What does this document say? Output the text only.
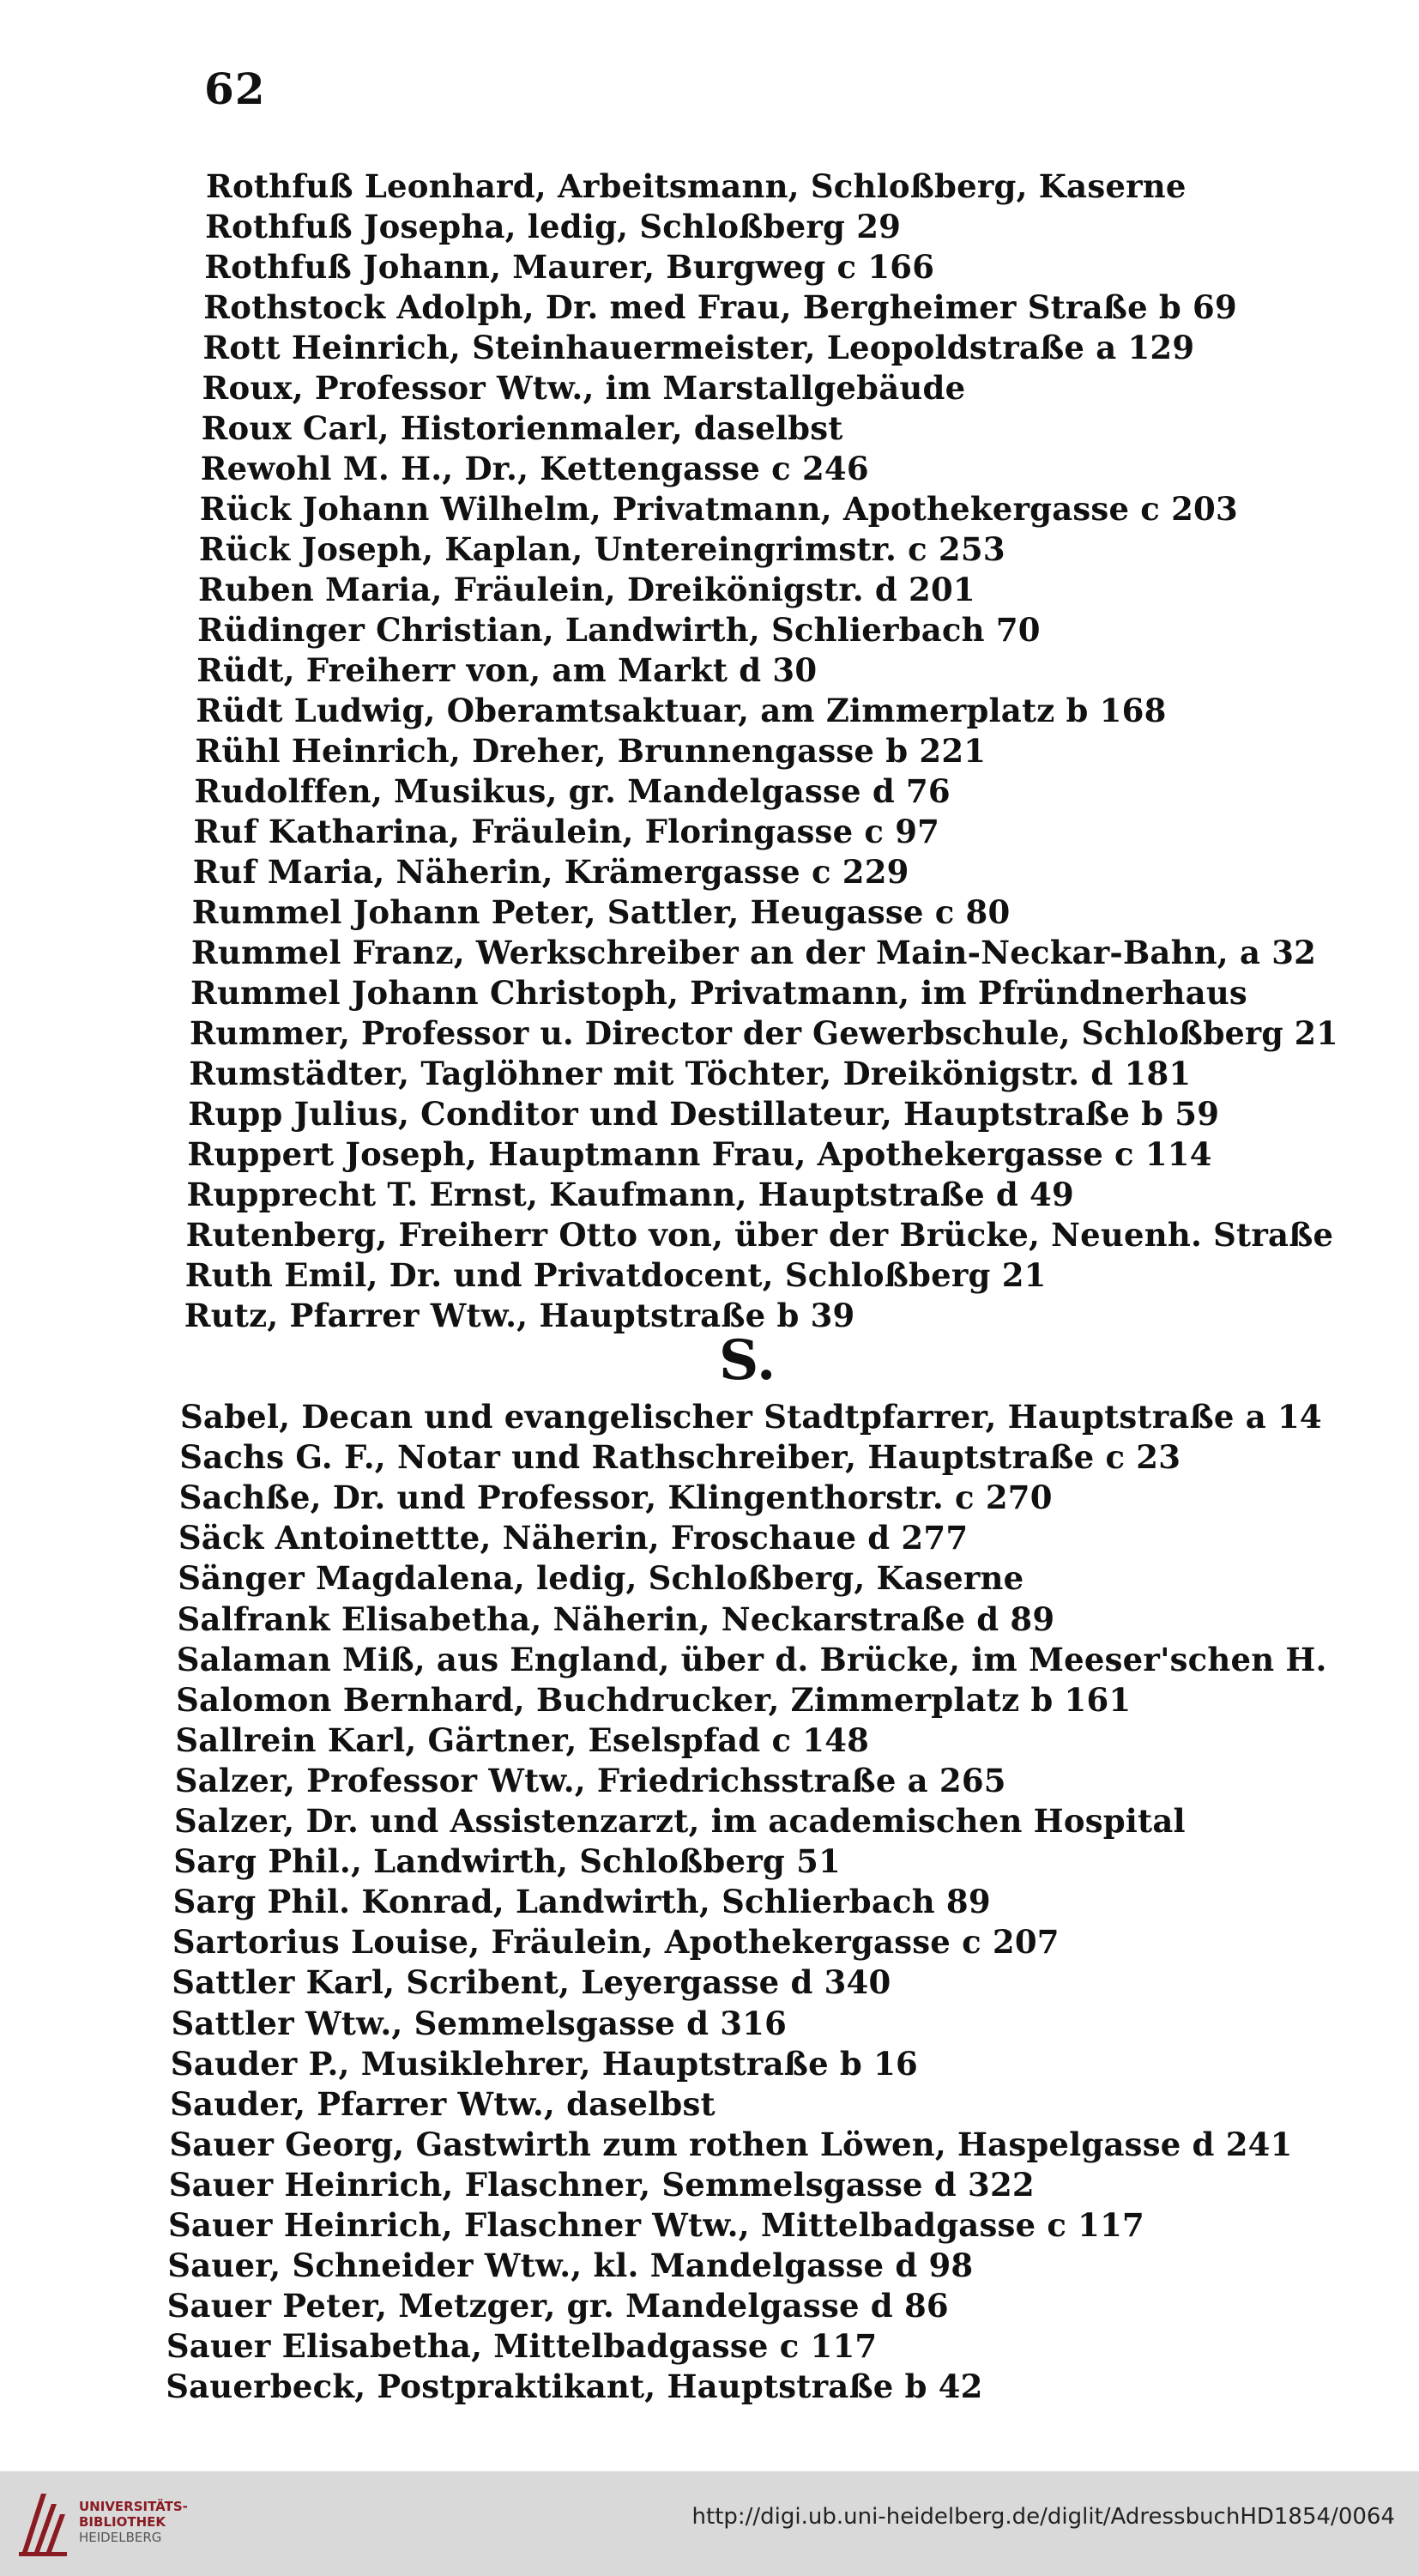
62
Rothfuß Leonhard, Arbeitsmann, Schloßberg, Kaserne
Rothfuß Josepha, ledig, Schloßberg 29
Rothfuß Johann, Maurer, Burgweg c 166
Rothstock Adolph, Dr. med Frau, Bergheimer Straße b 69
Rott Heinrich, Steinhauermeister, Leopoldstraße a 129
Roux, Professor Wtw., im Marstallgebäude
Roux Carl, Historienmaler, daselbst
Rewohl M. H., Dr., Kettengasse c 246
Rück Johann Wilhelm, Privatmann, Apothekergasse c 203
Rück Joseph, Kaplan, Untereingrimstr. c 253
Ruben Maria, Fräulein, Dreikönigstr. d 201
Rüdinger Christian, Landwirth, Schlierbach 70
Rüdt, Freiherr von, am Markt d 30
Rüdt Ludwig, Oberamtsaktuar, am Zimmerplatz b 168
Rühl Heinrich, Dreher, Brunnengasse b 221
Rudolffen, Musikus, gr. Mandelgasse d 76
Ruf Katharina, Fräulein, Floringasse c 97
Ruf Maria, Näherin, Krämergasse c 229
Rummel Johann Peter, Sattler, Heugasse c 80
Rummel Franz, Werkschreiber an der Main-Neckar-Bahn, a 32
Rummel Johann Christoph, Privatmann, im Pfründnerhaus
Rummer, Professor u. Director der Gewerbschule, Schloßberg 21
Rumstädter, Taglöhner mit Töchter, Dreikönigstr. d 181
Rupp Julius, Conditor und Destillateur, Hauptstraße b 59
Ruppert Joseph, Hauptmann Frau, Apothekergasse c 114
Rupprecht T. Ernst, Kaufmann, Hauptstraße d 49
Rutenberg, Freiherr Otto von, über der Brücke, Neuenh. Straße
Ruth Emil, Dr. und Privatdocent, Schloßberg 21
Rutz, Pfarrer Wtw., Hauptstraße b 39
Sabel, Decan und evangelischer Stadtpfarrer, Hauptstraße a 14
Sachs G. F., Notar und Rathschreiber, Hauptstraße c 23
Sachße, Dr. und Professor, Klingenthorstr. c 270
Säck Antoinettte, Näherin, Froschaue d 277
Sänger Magdalena, ledig, Schloßberg, Kaserne
Salfrank Elisabetha, Näherin, Neckarstraße d 89
Salaman Miß, aus England, über d. Brücke, im Meeser'schen H.
Salomon Bernhard, Buchdrucker, Zimmerplatz b 161
Sallrein Karl, Gärtner, Eselspfad c 148
Salzer, Professor Wtw., Friedrichsstraße a 265
Salzer, Dr. und Assistenzarzt, im academischen Hospital
Sarg Phil., Landwirth, Schloßberg 51
Sarg Phil. Konrad, Landwirth, Schlierbach 89
Sartorius Louise, Fräulein, Apothekergasse c 207
Sattler Karl, Scribent, Leyergasse d 340
Sattler Wtw., Semmelsgasse d 316
Sauder P., Musiklehrer, Hauptstraße b 16
Sauder, Pfarrer Wtw., daselbst
Sauer Georg, Gastwirth zum rothen Löwen, Haspelgasse d 241
Sauer Heinrich, Flaschner, Semmelsgasse d 322
Sauer Heinrich, Flaschner Wtw., Mittelbadgasse c 117
Sauer, Schneider Wtw., kl. Mandelgasse d 98
Sauer Peter, Metzger, gr. Mandelgasse d 86
Sauer Elisabetha, Mittelbadgasse c 117
Sauerbeck, Postpraktikant, Hauptstraße b 42
S.
UNIVERSITÄTS-
BIBLIOTHEK
HEIDELBERG
http://digi.ub.uni-heidelberg.de/diglit/AdressbuchHD1854/0064
